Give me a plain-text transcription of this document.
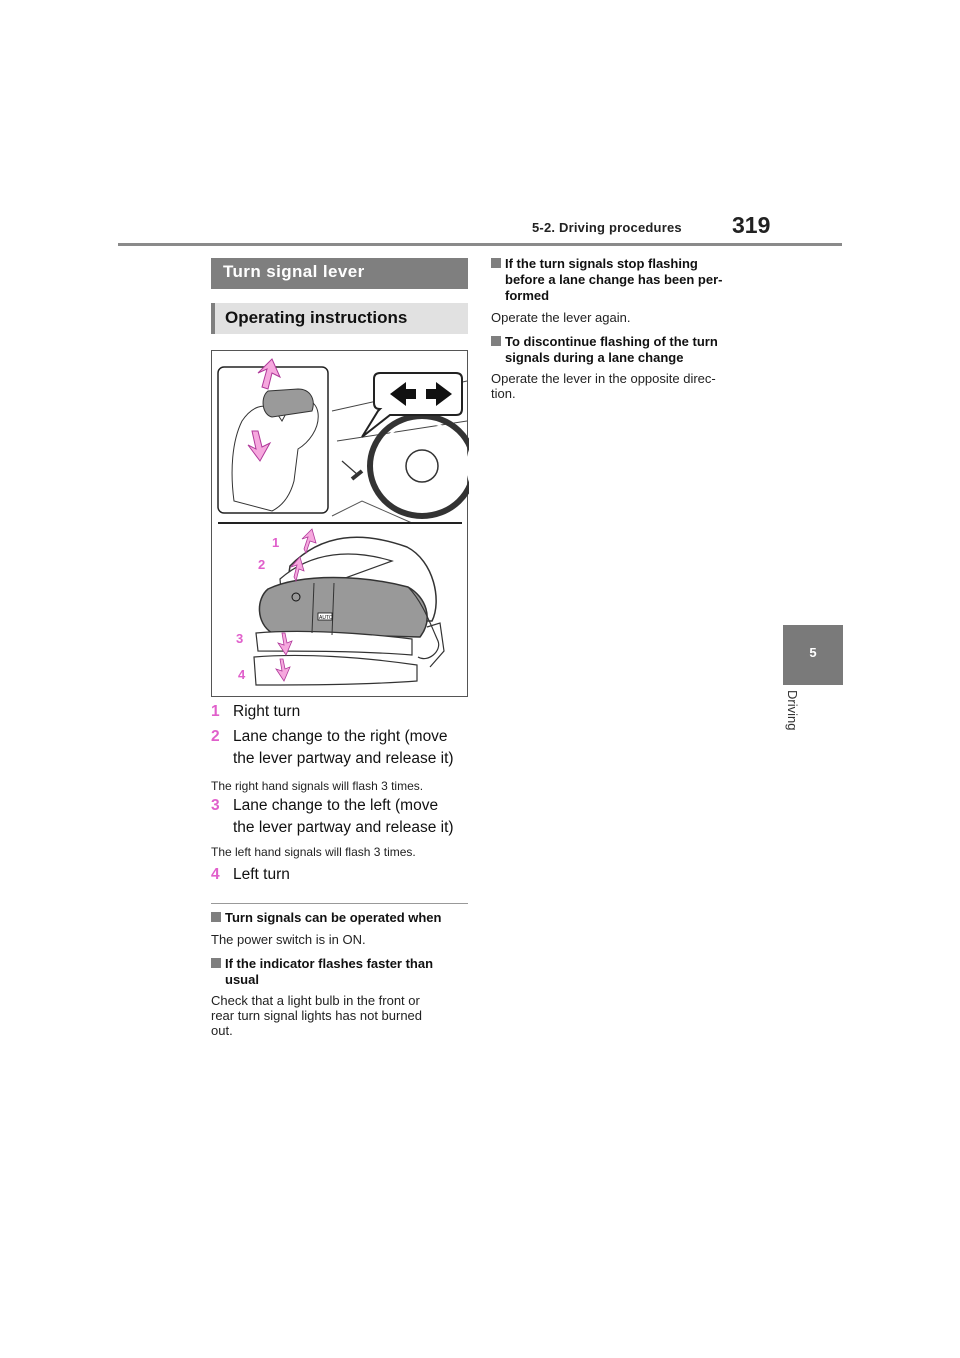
5-2. Driving procedures 319
5
Driving
Turn signal lever
Operating instructions
AUTO
1
2
3
4
1 Right turn
2 Lane change to the right (move
the lever partway and release it)
The right hand signals will flash 3 times.
3 Lane change to the left (move
the lever partway and release it)
The left hand signals will flash 3 times.
4 Left turn
Turn signals can be operated when
The power switch is in ON.
If the indicator flashes faster than
usual
Check that a light bulb in the front or
rear turn signal lights has not burned
out.
If the turn signals stop flashing
before a lane change has been per-
formed
Operate the lever again.
To discontinue flashing of the turn
signals during a lane change
Operate the lever in the opposite direc-
tion.
